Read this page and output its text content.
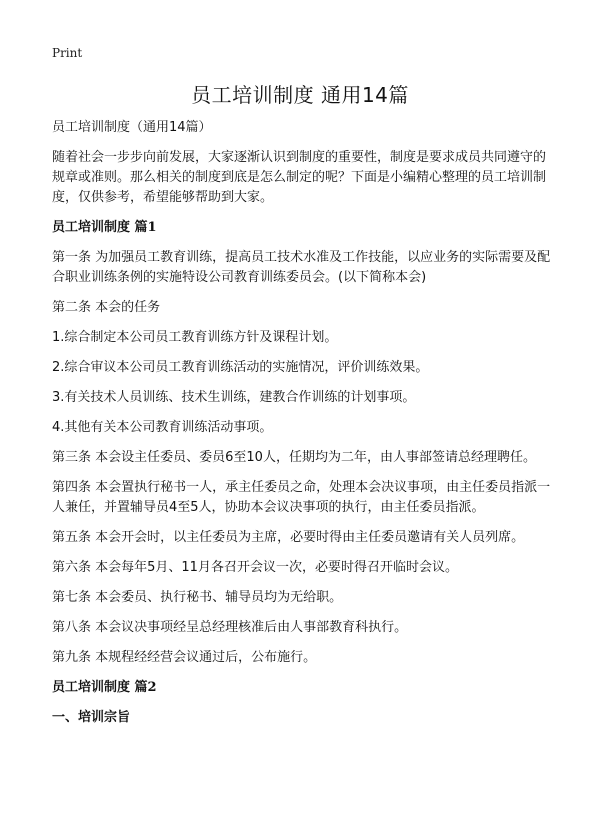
Print
员工培训制度 通用14篇

员工培训制度（通用14篇）

随着社会一步步向前发展，大家逐渐认识到制度的重要性，制度是要求成员共同遵守的规章或准则。那么相关的制度到底是怎么制定的呢？下面是小编精心整理的员工培训制度，仅供参考，希望能够帮助到大家。

员工培训制度 篇1

第一条 为加强员工教育训练，提高员工技术水准及工作技能，以应业务的实际需要及配合职业训练条例的实施特设公司教育训练委员会。(以下简称本会)

第二条 本会的任务

1.综合制定本公司员工教育训练方针及课程计划。

2.综合审议本公司员工教育训练活动的实施情况，评价训练效果。

3.有关技术人员训练、技术生训练，建教合作训练的计划事项。

4.其他有关本公司教育训练活动事项。

第三条 本会设主任委员、委员6至10人，任期均为二年，由人事部签请总经理聘任。

第四条 本会置执行秘书一人，承主任委员之命，处理本会决议事项，由主任委员指派一人兼任，并置辅导员4至5人，协助本会议决事项的执行，由主任委员指派。

第五条 本会开会时，以主任委员为主席，必要时得由主任委员邀请有关人员列席。

第六条 本会每年5月、11月各召开会议一次，必要时得召开临时会议。

第七条 本会委员、执行秘书、辅导员均为无给职。

第八条 本会议决事项经呈总经理核准后由人事部教育科执行。

第九条 本规程经经营会议通过后，公布施行。

员工培训制度 篇2

一、培训宗旨
